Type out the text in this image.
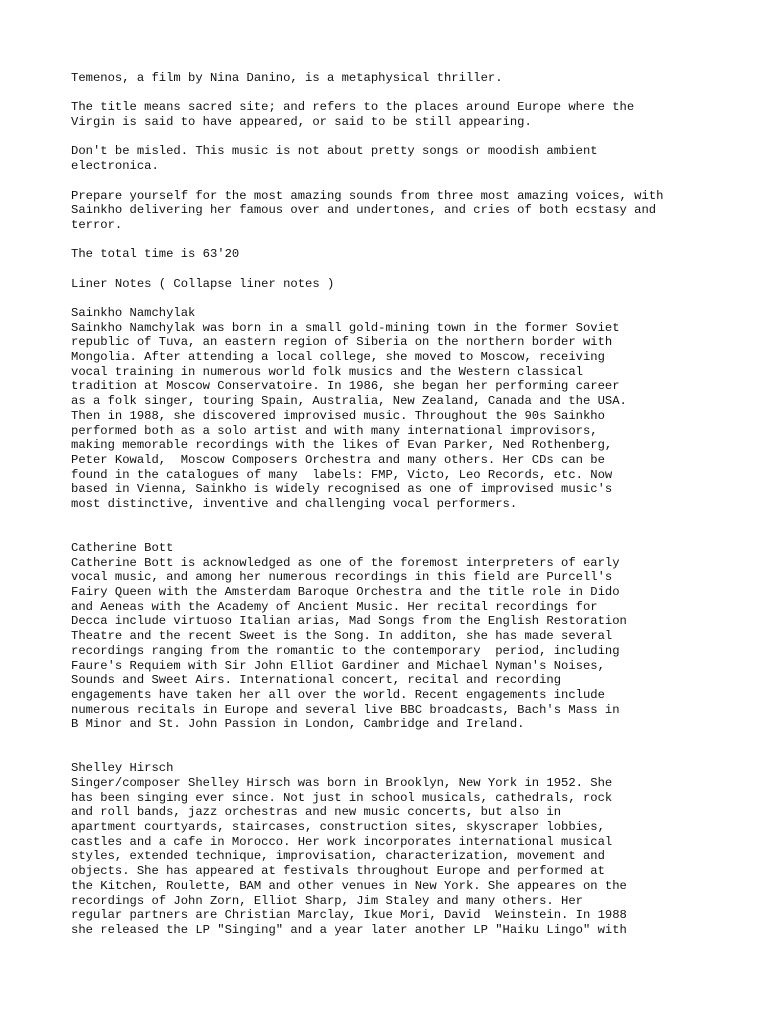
Temenos, a film by Nina Danino, is a metaphysical thriller.
The title means sacred site; and refers to the places around Europe where the
Virgin is said to have appeared, or said to be still appearing.
Don't be misled. This music is not about pretty songs or moodish ambient
electronica.
Prepare yourself for the most amazing sounds from three most amazing voices, with
Sainkho delivering her famous over and undertones, and cries of both ecstasy and
terror.
The total time is 63'20
Liner Notes ( Collapse liner notes )
Sainkho Namchylak
Sainkho Namchylak was born in a small gold-mining town in the former Soviet
republic of Tuva, an eastern region of Siberia on the northern border with
Mongolia. After attending a local college, she moved to Moscow, receiving
vocal training in numerous world folk musics and the Western classical
tradition at Moscow Conservatoire. In 1986, she began her performing career
as a folk singer, touring Spain, Australia, New Zealand, Canada and the USA.
Then in 1988, she discovered improvised music. Throughout the 90s Sainkho
performed both as a solo artist and with many international improvisors,
making memorable recordings with the likes of Evan Parker, Ned Rothenberg,
Peter Kowald,  Moscow Composers Orchestra and many others. Her CDs can be
found in the catalogues of many  labels: FMP, Victo, Leo Records, etc. Now
based in Vienna, Sainkho is widely recognised as one of improvised music's
most distinctive, inventive and challenging vocal performers.
Catherine Bott
Catherine Bott is acknowledged as one of the foremost interpreters of early
vocal music, and among her numerous recordings in this field are Purcell's
Fairy Queen with the Amsterdam Baroque Orchestra and the title role in Dido
and Aeneas with the Academy of Ancient Music. Her recital recordings for
Decca include virtuoso Italian arias, Mad Songs from the English Restoration
Theatre and the recent Sweet is the Song. In additon, she has made several
recordings ranging from the romantic to the contemporary  period, including
Faure's Requiem with Sir John Elliot Gardiner and Michael Nyman's Noises,
Sounds and Sweet Airs. International concert, recital and recording
engagements have taken her all over the world. Recent engagements include
numerous recitals in Europe and several live BBC broadcasts, Bach's Mass in
B Minor and St. John Passion in London, Cambridge and Ireland.
Shelley Hirsch
Singer/composer Shelley Hirsch was born in Brooklyn, New York in 1952. She
has been singing ever since. Not just in school musicals, cathedrals, rock
and roll bands, jazz orchestras and new music concerts, but also in
apartment courtyards, staircases, construction sites, skyscraper lobbies,
castles and a cafe in Morocco. Her work incorporates international musical
styles, extended technique, improvisation, characterization, movement and
objects. She has appeared at festivals throughout Europe and performed at
the Kitchen, Roulette, BAM and other venues in New York. She appeares on the
recordings of John Zorn, Elliot Sharp, Jim Staley and many others. Her
regular partners are Christian Marclay, Ikue Mori, David  Weinstein. In 1988
she released the LP "Singing" and a year later another LP "Haiku Lingo" with
